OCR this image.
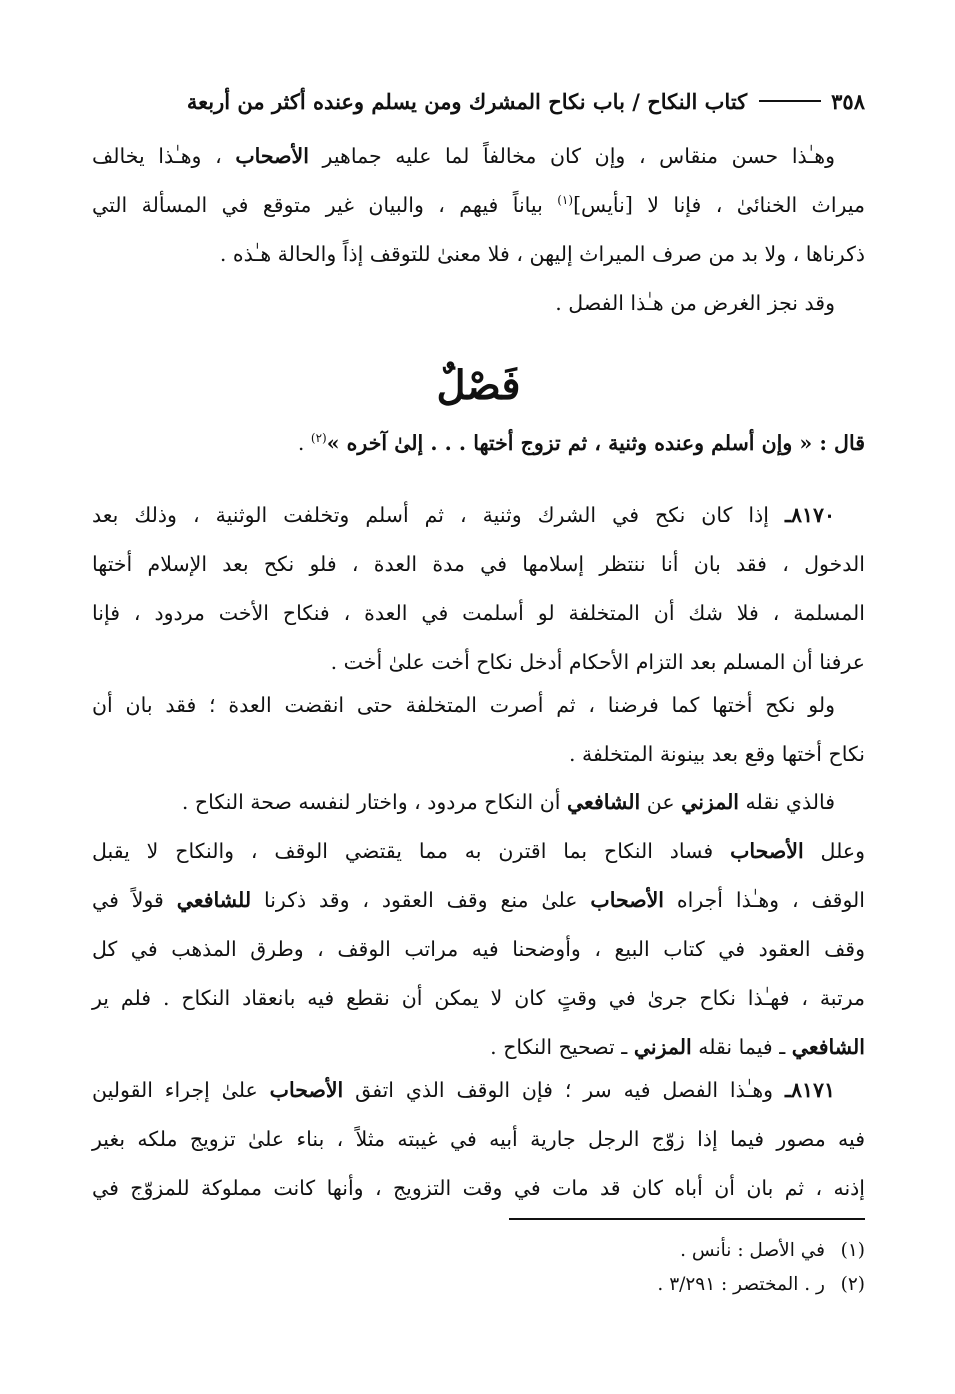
٣٥٨
كتاب النكاح / باب نكاح المشرك ومن يسلم وعنده أكثر من أربعة
وهـٰذا حسن منقاس ، وإن كان مخالفاً لما عليه جماهير الأصحاب ، وهـٰذا يخالف
ميراث الخنائىٰ ، فإنا لا [نأيس]$^{(١)}$ بياناً فيهم ، والبيان غير متوقع في المسألة التي
ذكرناها ، ولا بد من صرف الميراث إليهن ، فلا معنىٰ للتوقف إذاً والحالة هـٰذه .
وقد نجز الغرض من هـٰذا الفصل .
فَصْلٌ
قال : « وإن أسلم وعنده وثنية ، ثم تزوج أختها . . . إلىٰ آخره »$^{(٢)}$ .
٨١٧٠ـ إذا كان نكح في الشرك وثنية ، ثم أسلم وتخلفت الوثنية ، وذلك بعد
الدخول ، فقد بان أنا ننتظر إسلامها في مدة العدة ، فلو نكح بعد الإسلام أختها
المسلمة ، فلا شك أن المتخلفة لو أسلمت في العدة ، فنكاح الأخت مردود ، فإنا
عرفنا أن المسلم بعد التزام الأحكام أدخل نكاح أخت علىٰ أخت .
ولو نكح أختها كما فرضنا ، ثم أصرت المتخلفة حتى انقضت العدة ؛ فقد بان أن
نكاح أختها وقع بعد بينونة المتخلفة .
فالذي نقله المزني عن الشافعي أن النكاح مردود ، واختار لنفسه صحة النكاح .
وعلل الأصحاب فساد النكاح بما اقترن به مما يقتضي الوقف ، والنكاح لا يقبل
الوقف ، وهـٰذا أجراه الأصحاب علىٰ منع وقف العقود ، وقد ذكرنا للشافعي قولاً في
وقف العقود في كتاب البيع ، وأوضحنا فيه مراتب الوقف ، وطرق المذهب في كل
مرتبة ، فهـٰذا نكاح جرىٰ في وقتٍ كان لا يمكن أن نقطع فيه بانعقاد النكاح . فلم ير
الشافعي ـ فيما نقله المزني ـ تصحيح النكاح .
٨١٧١ـ وهـٰذا الفصل فيه سر ؛ فإن الوقف الذي اتفق الأصحاب علىٰ إجراء القولين
فيه مصور فيما إذا زوّج الرجل جارية أبيه في غيبته مثلاً ، بناء علىٰ تزويج ملكه بغير
إذنه ، ثم بان أن أباه كان قد مات في وقت التزويج ، وأنها كانت مملوكة للمزوّج في
(١)في الأصل : نأنس .
(٢)ر . المختصر : ٣/٢٩١ .
